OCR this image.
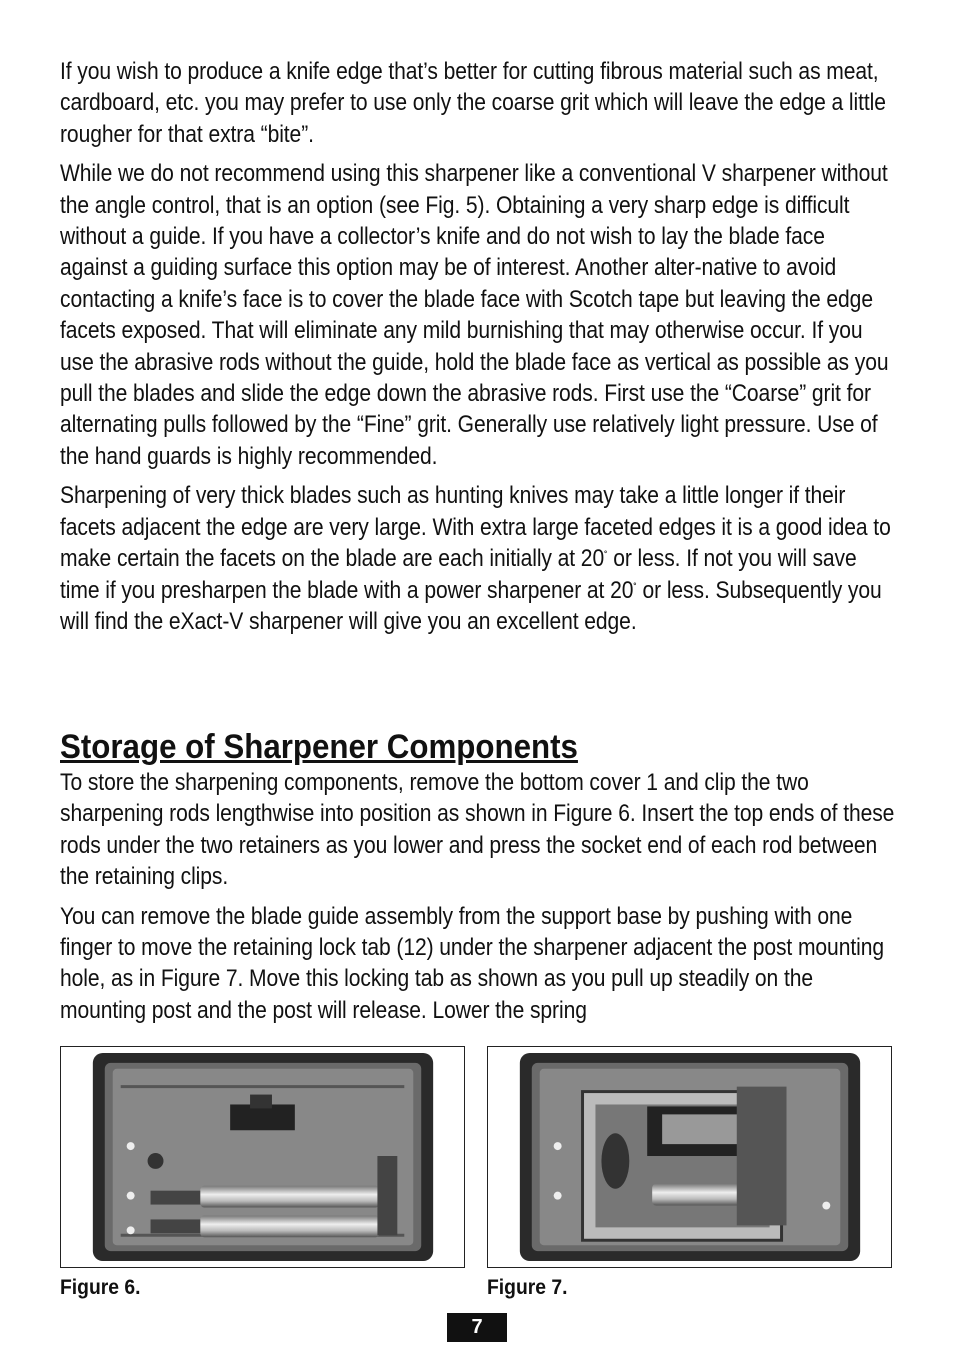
If you wish to produce a knife edge that’s better for cutting fibrous material such as meat, cardboard, etc. you may prefer to use only the coarse grit which will leave the edge a little rougher for that extra “bite”.

While we do not recommend using this sharpener like a conventional V sharpener without the angle control, that is an option (see Fig. 5). Obtaining a very sharp edge is difficult without a guide. If you have a collector’s knife and do not wish to lay the blade face against a guiding surface this option may be of interest. Another alter-native to avoid contacting a knife’s face is to cover the blade face with Scotch tape but leaving the edge facets exposed. That will eliminate any mild burnishing that may otherwise occur. If you use the abrasive rods without the guide, hold the blade face as vertical as possible as you pull the blades and slide the edge down the abrasive rods. First use the “Coarse” grit for alternating pulls followed by the “Fine” grit. Generally use relatively light pressure. Use of the hand guards is highly recommended.

Sharpening of very thick blades such as hunting knives may take a little longer if their facets adjacent the edge are very large. With extra large faceted edges it is a good idea to make certain the facets on the blade are each initially at 20˚ or less. If not you will save time if you presharpen the blade with a power sharpener at 20˚ or less. Subsequently you will find the eXact-V sharpener will give you an excellent edge.

Storage of Sharpener Components

To store the sharpening components, remove the bottom cover 1 and clip the two sharpening rods lengthwise into position as shown in Figure 6. Insert the top ends of these rods under the two retainers as you lower and press the socket end of each rod between the retaining clips.

You can remove the blade guide assembly from the support base by pushing with one finger to move the retaining lock tab (12) under the sharpener adjacent the post mounting hole, as in Figure 7. Move this locking tab as shown as you pull up steadily on the mounting post and the post will release. Lower the spring

Figure 6.	Figure 7.
7
